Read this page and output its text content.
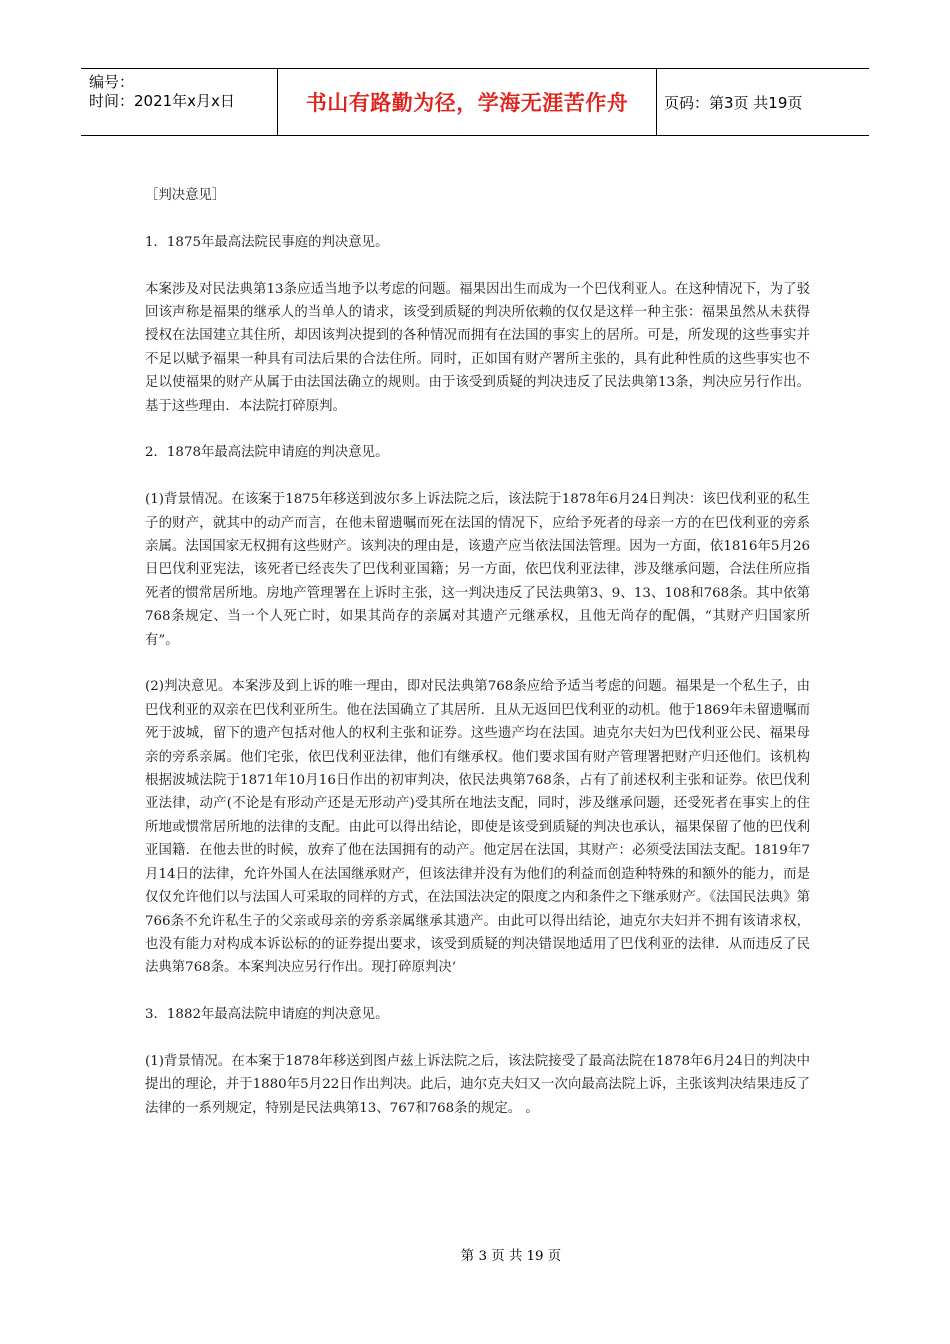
编号：
时间：2021年x月x日	书山有路勤为径，学海无涯苦作舟	页码：第3页 共19页

［判决意见］

1．1875年最高法院民事庭的判决意见。

本案涉及对民法典第13条应适当地予以考虑的问题。福果因出生而成为一个巴伐利亚人。在这种情况下，为了驳回该声称是福果的继承人的当单人的请求，该受到质疑的判决所依赖的仅仅是这样一种主张：福果虽然从未获得授权在法国建立其住所，却因该判决提到的各种情况而拥有在法国的事实上的居所。可是，所发现的这些事实并不足以赋予福果一种具有司法后果的合法住所。同时，正如国有财产署所主张的，具有此种性质的这些事实也不足以使福果的财产从属于由法国法确立的规则。由于该受到质疑的判决违反了民法典第13条，判决应另行作出。基于这些理由．本法院打碎原判。

2．1878年最高法院申请庭的判决意见。

(1)背景情况。在该案于1875年移送到波尔多上诉法院之后，该法院于1878年6月24日判决：该巴伐利亚的私生子的财产，就其中的动产而言，在他未留遗嘱而死在法国的情况下，应给予死者的母亲一方的在巴伐利亚的旁系亲属。法国国家无权拥有这些财产。该判决的理由是，该遗产应当依法国法管理。因为一方面，依1816年5月26日巴伐利亚宪法，该死者已经丧失了巴伐利亚国籍；另一方面，依巴伐利亚法律，涉及继承问题，合法住所应指死者的惯常居所地。房地产管理署在上诉时主张，这一判决违反了民法典第3、9、13、108和768条。其中依第768条规定、当一个人死亡时，如果其尚存的亲属对其遗产元继承权，且他无尚存的配偶，“其财产归国家所有”。

(2)判决意见。本案涉及到上诉的唯一理由，即对民法典第768条应给予适当考虑的问题。福果是一个私生子，由巴伐利亚的双亲在巴伐利亚所生。他在法国确立了其居所．且从无返回巴伐利亚的动机。他于1869年未留遗嘱而死于波城，留下的遗产包括对他人的权利主张和证券。这些遗产均在法国。迪克尔夫妇为巴伐利亚公民、福果母亲的旁系亲属。他们宅张，依巴伐利亚法律，他们有继承权。他们要求国有财产管理署把财产归还他们。该机构根据波城法院于1871年10月16日作出的初审判决，依民法典第768条，占有了前述权利主张和证券。依巴伐利亚法律，动产(不论是有形动产还是无形动产)受其所在地法支配，同时，涉及继承问题，还受死者在事实上的住所地或惯常居所地的法律的支配。由此可以得出结论，即使是该受到质疑的判决也承认，福果保留了他的巴伐利亚国籍．在他去世的时候，放弃了他在法国拥有的动产。他定居在法国，其财产：必须受法国法支配。1819年7月14日的法律，允许外国人在法国继承财产，但该法律并没有为他们的利益而创造种特殊的和额外的能力，而是仅仅允许他们以与法国人可采取的同样的方式，在法国法决定的限度之内和条件之下继承财产。《法国民法典》第766条不允许私生子的父亲或母亲的旁系亲属继承其遗产。由此可以得出结论，迪克尔夫妇并不拥有该请求权，也没有能力对构成本诉讼标的的证券提出要求，该受到质疑的判决错误地适用了巴伐利亚的法律．从而违反了民法典第768条。本案判决应另行作出。现打碎原判决‘

3．1882年最高法院申请庭的判决意见。

(1)背景情况。在本案于1878年移送到图卢兹上诉法院之后，该法院接受了最高法院在1878年6月24日的判决中提出的理论，并于1880年5月22日作出判决。此后，迪尔克夫妇又一次向最高法院上诉，主张该判决结果违反了法律的一系列规定，特别是民法典第13、767和768条的规定。 。

第 3 页 共 19 页
